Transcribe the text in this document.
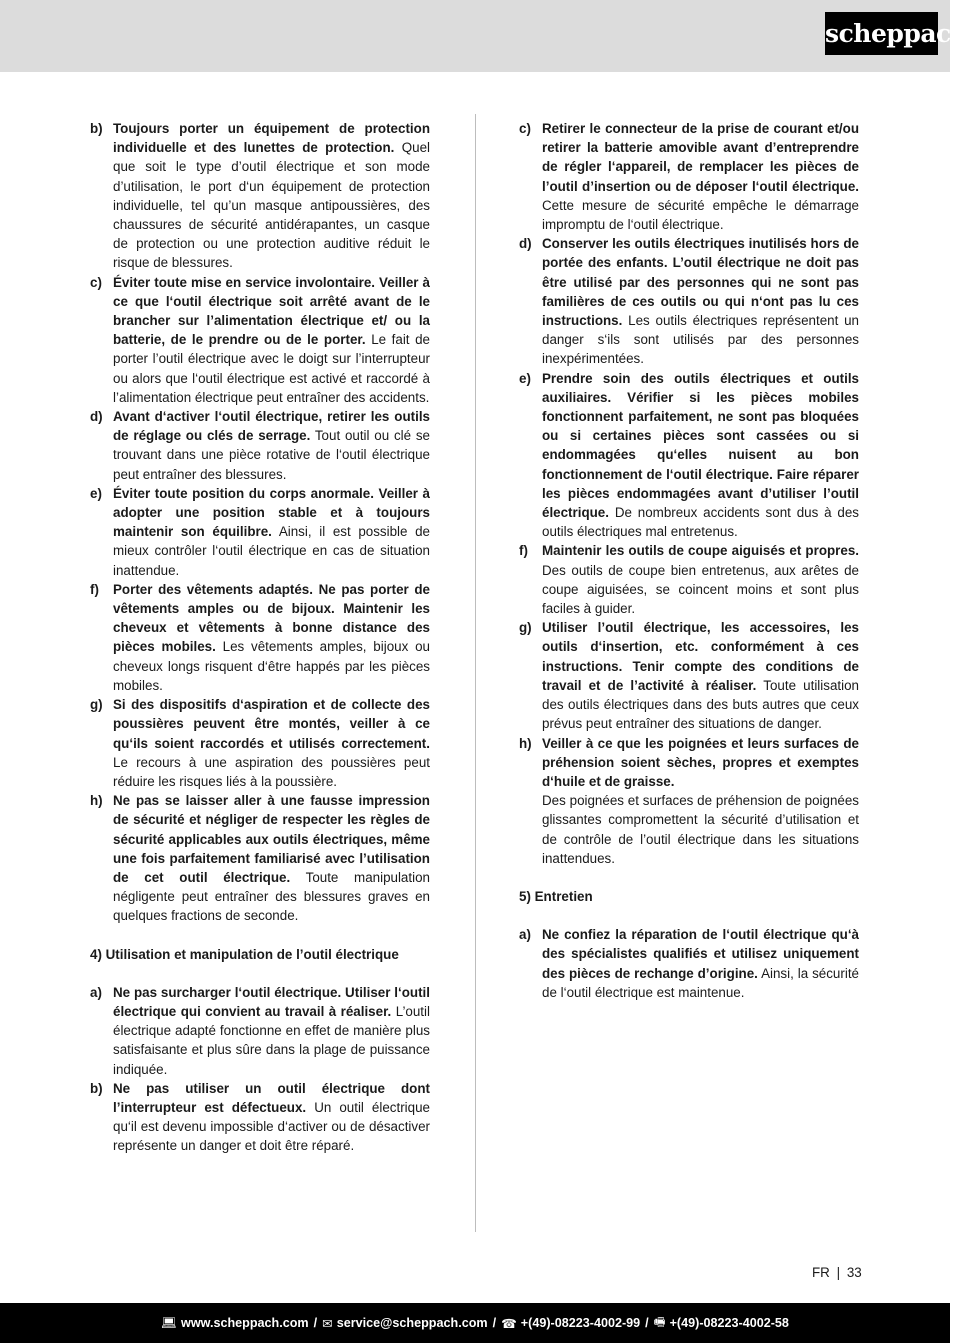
scheppach
b) Toujours porter un équipement de protection individuelle et des lunettes de protection. Quel que soit le type d’outil électrique et son mode d’utilisation, le port d‘un équipement de protection individuelle, tel qu’un masque antipoussières, des chaussures de sécurité antidérapantes, un casque de protection ou une protection auditive réduit le risque de blessures.
c) Éviter toute mise en service involontaire. Veiller à ce que l‘outil électrique soit arrêté avant de le brancher sur l’alimentation électrique et/ ou la batterie, de le prendre ou de le porter. Le fait de porter l’outil électrique avec le doigt sur l’interrupteur ou alors que l‘outil électrique est activé et raccordé à l’alimentation électrique peut entraîner des accidents.
d) Avant d‘activer l‘outil électrique, retirer les outils de réglage ou clés de serrage. Tout outil ou clé se trouvant dans une pièce rotative de l‘outil électrique peut entraîner des blessures.
e) Éviter toute position du corps anormale. Veiller à adopter une position stable et à toujours maintenir son équilibre. Ainsi, il est possible de mieux contrôler l‘outil électrique en cas de situation inattendue.
f) Porter des vêtements adaptés. Ne pas porter de vêtements amples ou de bijoux. Maintenir les cheveux et vêtements à bonne distance des pièces mobiles. Les vêtements amples, bijoux ou cheveux longs risquent d‘être happés par les pièces mobiles.
g) Si des dispositifs d‘aspiration et de collecte des poussières peuvent être montés, veiller à ce qu‘ils soient raccordés et utilisés correctement. Le recours à une aspiration des poussières peut réduire les risques liés à la poussière.
h) Ne pas se laisser aller à une fausse impression de sécurité et négliger de respecter les règles de sécurité applicables aux outils électriques, même une fois parfaitement familiarisé avec l’utilisation de cet outil électrique. Toute manipulation négligente peut entraîner des blessures graves en quelques fractions de seconde.
4) Utilisation et manipulation de l’outil électrique
a) Ne pas surcharger l‘outil électrique. Utiliser l‘outil électrique qui convient au travail à réaliser. L’outil électrique adapté fonctionne en effet de manière plus satisfaisante et plus sûre dans la plage de puissance indiquée.
b) Ne pas utiliser un outil électrique dont l’interrupteur est défectueux. Un outil électrique qu‘il est devenu impossible d‘activer ou de désactiver représente un danger et doit être réparé.
c) Retirer le connecteur de la prise de courant et/ou retirer la batterie amovible avant d’entreprendre de régler l‘appareil, de remplacer les pièces de l’outil d’insertion ou de déposer l‘outil électrique. Cette mesure de sécurité empêche le démarrage impromptu de l‘outil électrique.
d) Conserver les outils électriques inutilisés hors de portée des enfants. L’outil électrique ne doit pas être utilisé par des personnes qui ne sont pas familières de ces outils ou qui n‘ont pas lu ces instructions. Les outils électriques représentent un danger s‘ils sont utilisés par des personnes inexpérimentées.
e) Prendre soin des outils électriques et outils auxiliaires. Vérifier si les pièces mobiles fonctionnent parfaitement, ne sont pas bloquées ou si certaines pièces sont cassées ou si endommagées qu‘elles nuisent au bon fonctionnement de l‘outil électrique. Faire réparer les pièces endommagées avant d’utiliser l’outil électrique. De nombreux accidents sont dus à des outils électriques mal entretenus.
f) Maintenir les outils de coupe aiguisés et propres. Des outils de coupe bien entretenus, aux arêtes de coupe aiguisées, se coincent moins et sont plus faciles à guider.
g) Utiliser l’outil électrique, les accessoires, les outils d‘insertion, etc. conformément à ces instructions. Tenir compte des conditions de travail et de l’activité à réaliser. Toute utilisation des outils électriques dans des buts autres que ceux prévus peut entraîner des situations de danger.
h) Veiller à ce que les poignées et leurs surfaces de préhension soient sèches, propres et exemptes d‘huile et de graisse.
Des poignées et surfaces de préhension de poignées glissantes compromettent la sécurité d’utilisation et de contrôle de l’outil électrique dans les situations inattendues.
5) Entretien
a) Ne confiez la réparation de l‘outil électrique qu‘à des spécialistes qualifiés et utilisez uniquement des pièces de rechange d’origine. Ainsi, la sécurité de l‘outil électrique est maintenue.
FR | 33
💻︎ www.scheppach.com / ✉︎ service@scheppach.com / ☎︎ +(49)-08223-4002-99 / 🖷︎ +(49)-08223-4002-58
